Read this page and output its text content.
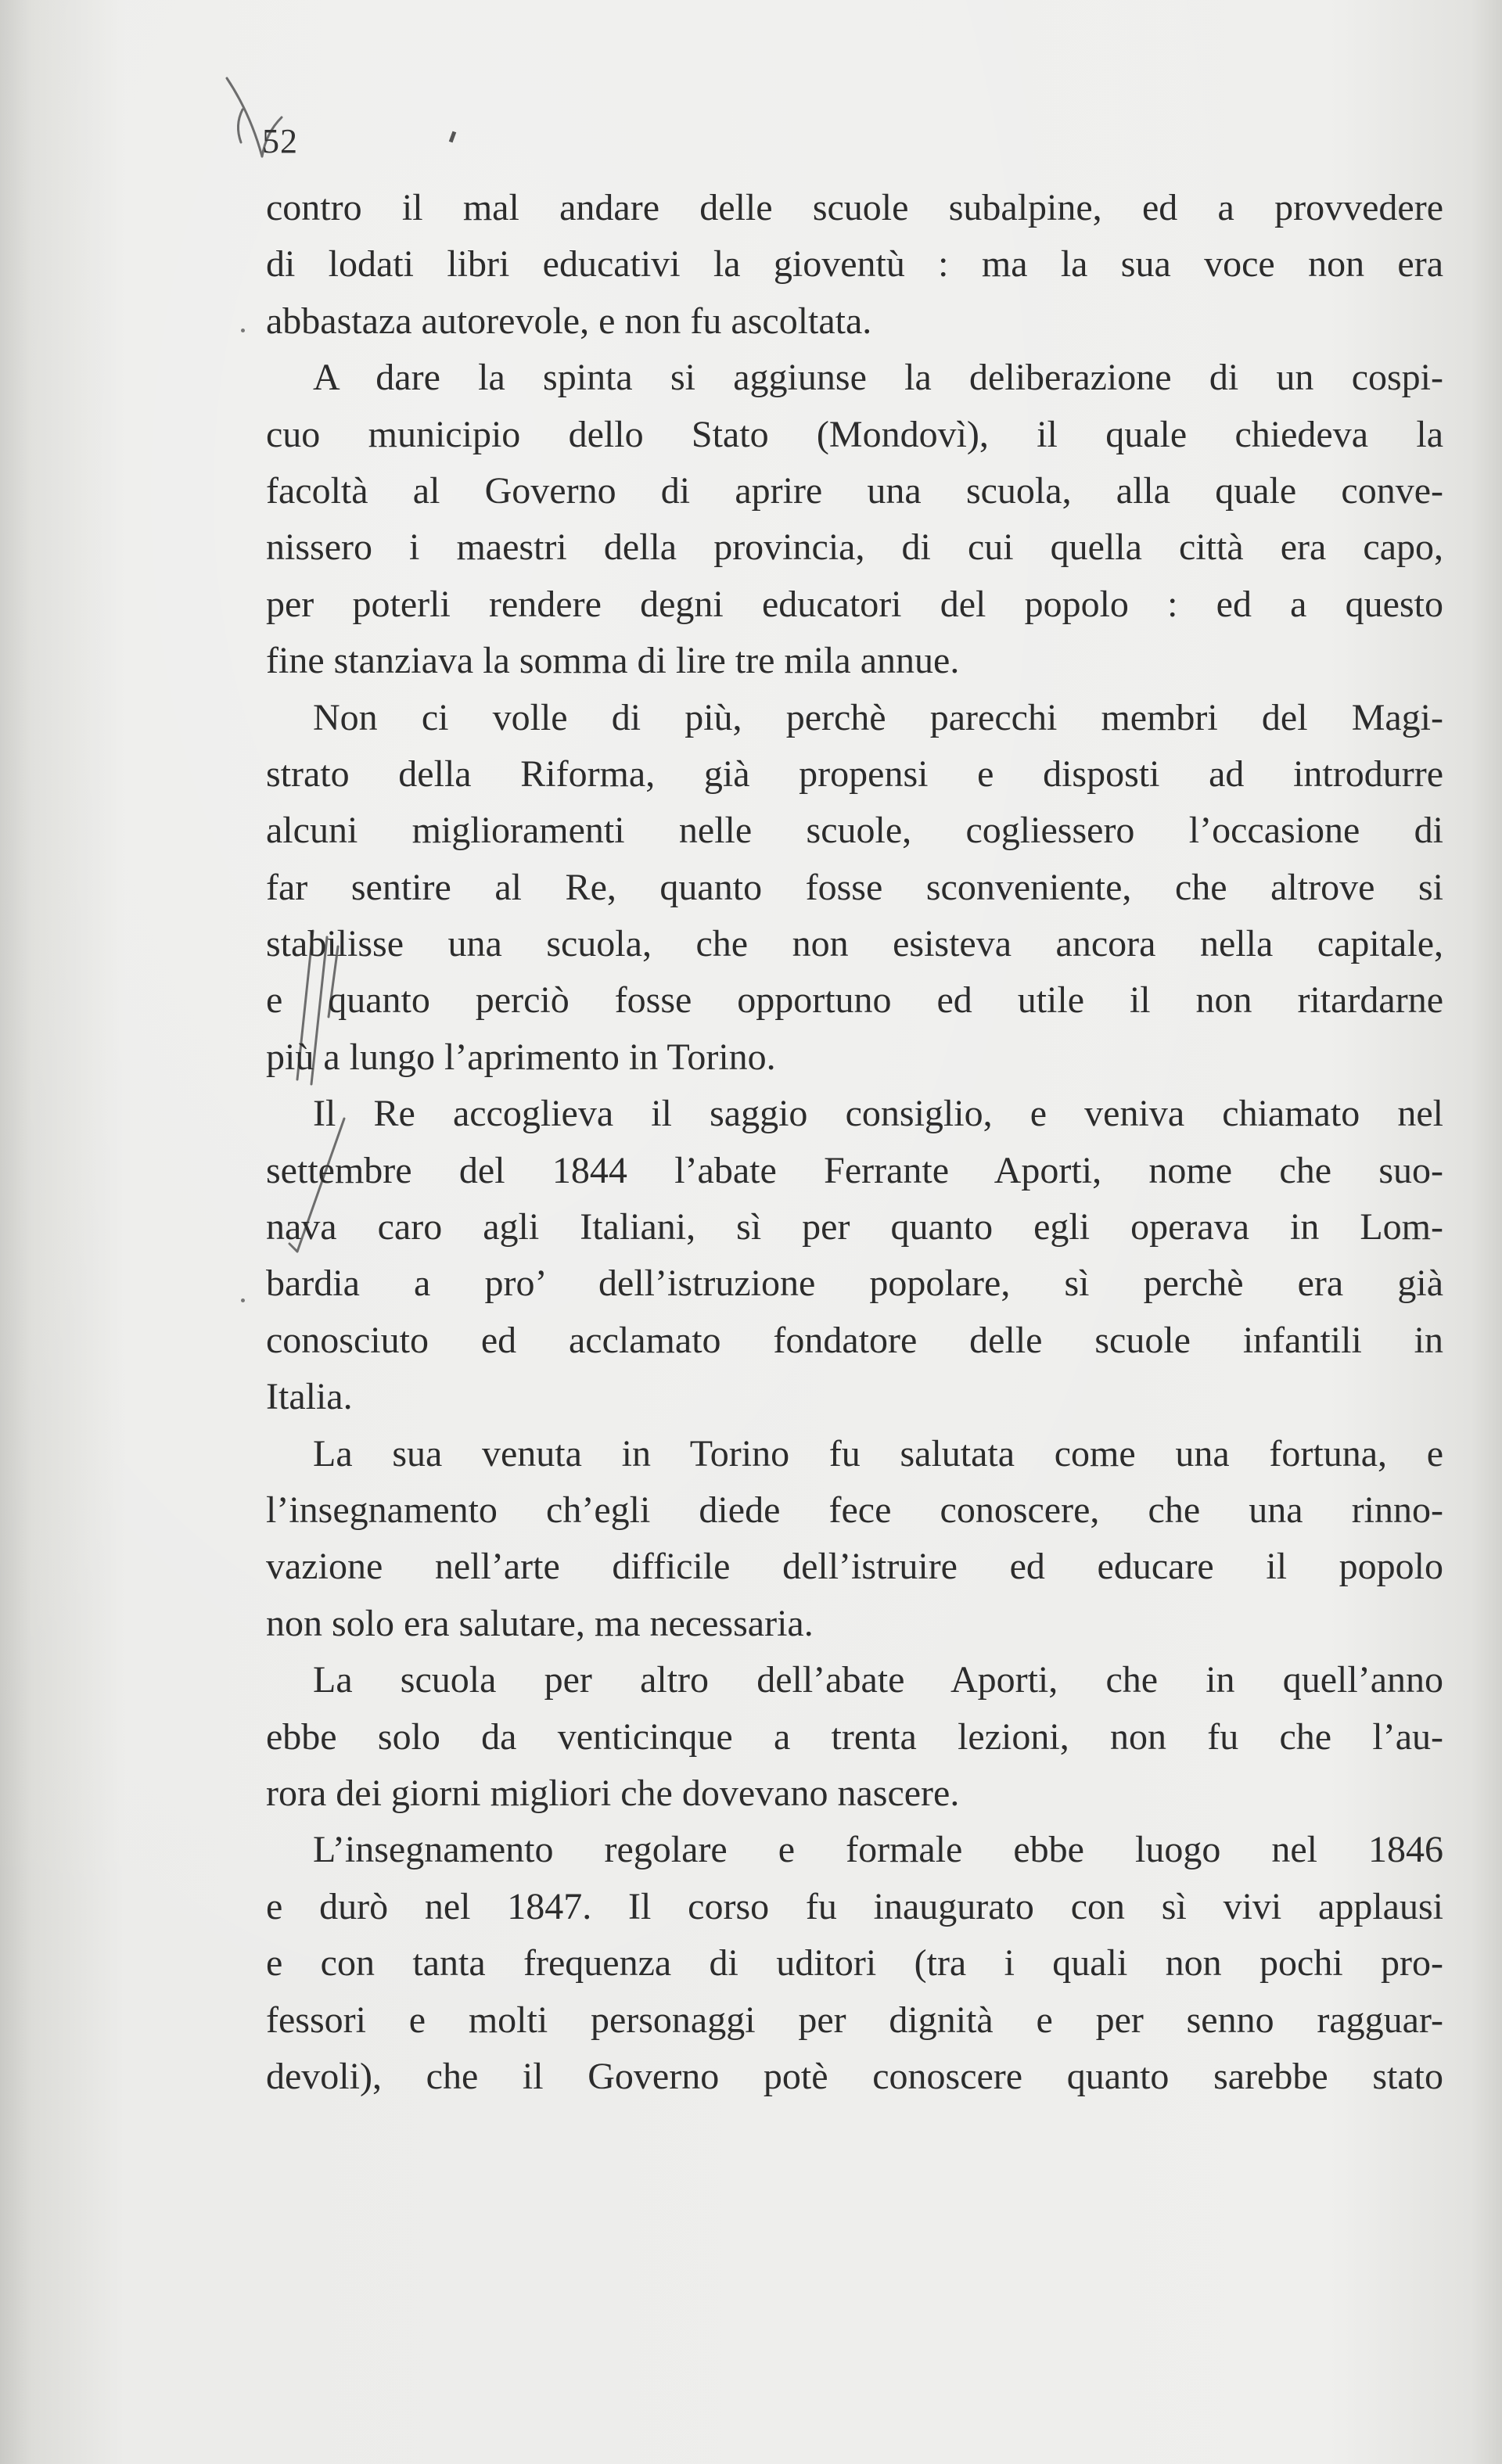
52
contro il mal andare delle scuole subalpine, ed a provvedere
di lodati libri educativi la gioventù : ma la sua voce non era
abbastaza autorevole, e non fu ascoltata.
A dare la spinta si aggiunse la deliberazione di un cospi-
cuo municipio dello Stato (Mondovì), il quale chiedeva la
facoltà al Governo di aprire una scuola, alla quale conve-
nissero i maestri della provincia, di cui quella città era capo,
per poterli rendere degni educatori del popolo : ed a questo
fine stanziava la somma di lire tre mila annue.
Non ci volle di più, perchè parecchi membri del Magi-
strato della Riforma, già propensi e disposti ad introdurre
alcuni miglioramenti nelle scuole, cogliessero l’occasione di
far sentire al Re, quanto fosse sconveniente, che altrove si
stabilisse una scuola, che non esisteva ancora nella capitale,
e quanto perciò fosse opportuno ed utile il non ritardarne
più a lungo l’aprimento in Torino.
Il Re accoglieva il saggio consiglio, e veniva chiamato nel
settembre del 1844 l’abate Ferrante Aporti, nome che suo-
nava caro agli Italiani, sì per quanto egli operava in Lom-
bardia a pro’ dell’istruzione popolare, sì perchè era già
conosciuto ed acclamato fondatore delle scuole infantili in
Italia.
La sua venuta in Torino fu salutata come una fortuna, e
l’insegnamento ch’egli diede fece conoscere, che una rinno-
vazione nell’arte difficile dell’istruire ed educare il popolo
non solo era salutare, ma necessaria.
La scuola per altro dell’abate Aporti, che in quell’anno
ebbe solo da venticinque a trenta lezioni, non fu che l’au-
rora dei giorni migliori che dovevano nascere.
L’insegnamento regolare e formale ebbe luogo nel 1846
e durò nel 1847. Il corso fu inaugurato con sì vivi applausi
e con tanta frequenza di uditori (tra i quali non pochi pro-
fessori e molti personaggi per dignità e per senno ragguar-
devoli), che il Governo potè conoscere quanto sarebbe stato
